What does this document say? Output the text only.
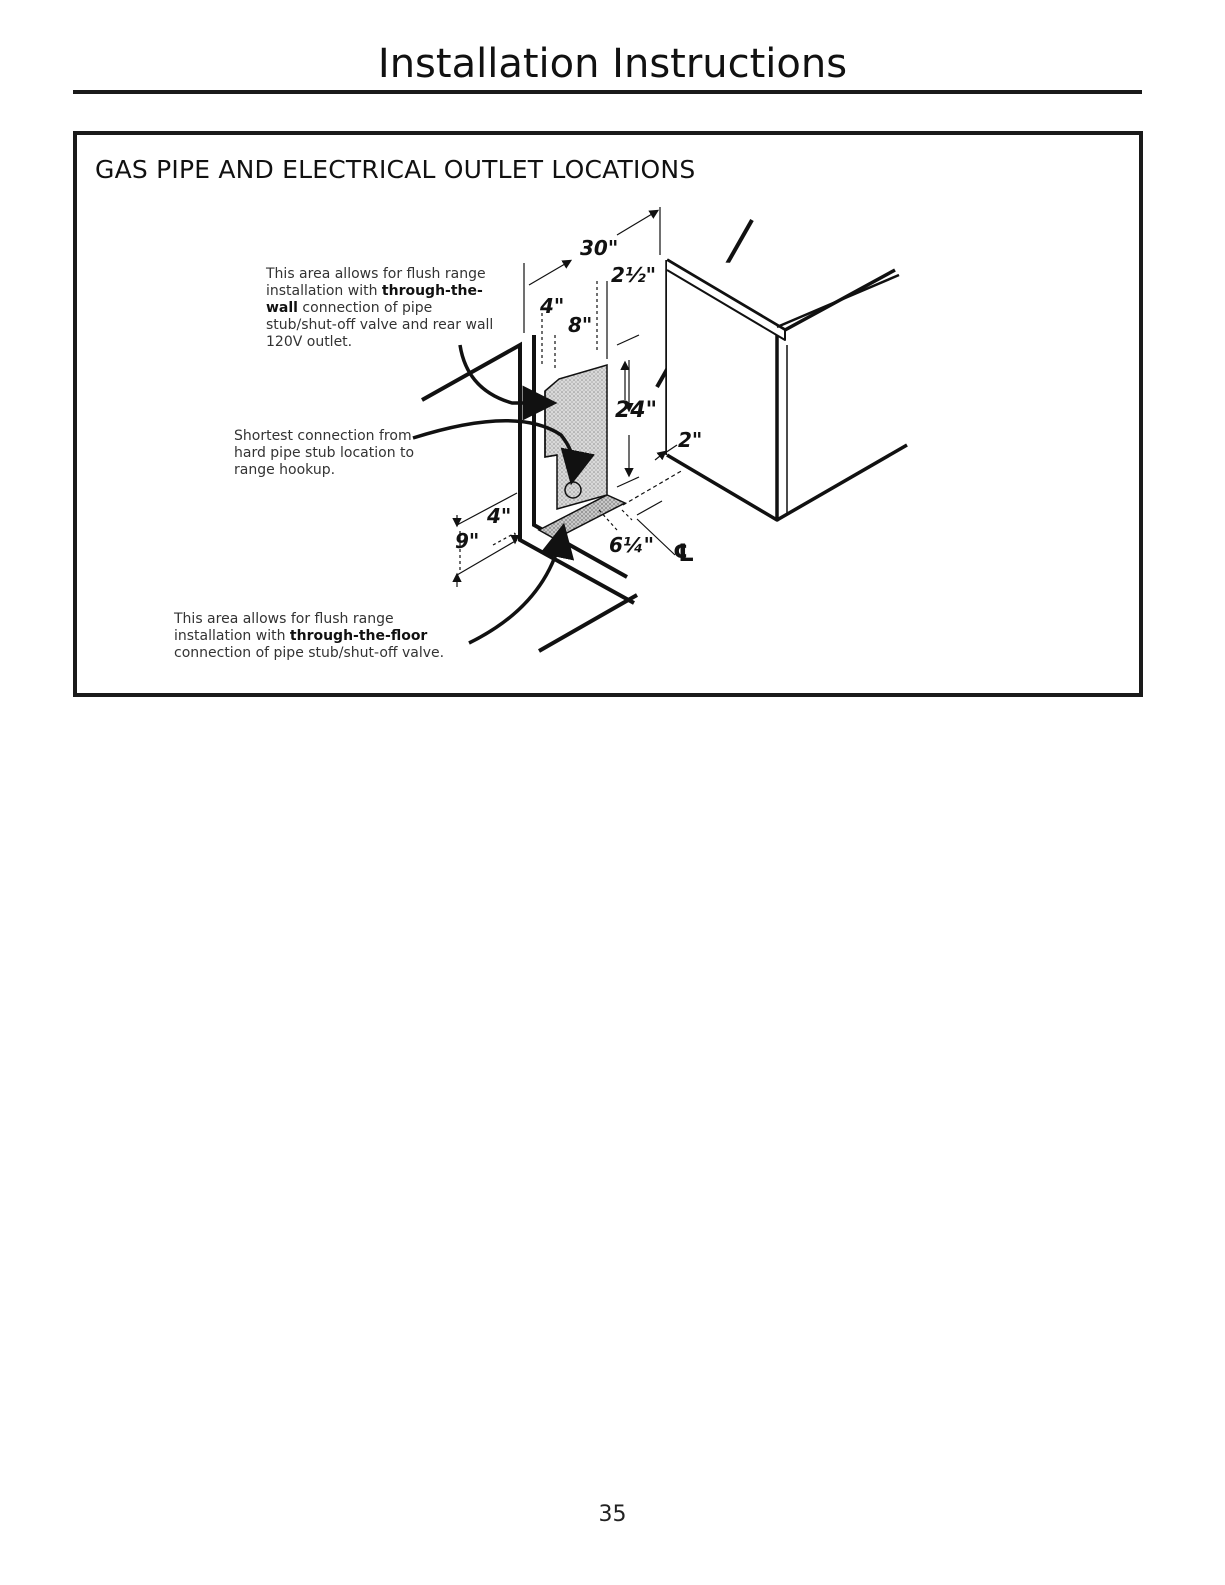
Installation Instructions
GAS PIPE AND ELECTRICAL OUTLET LOCATIONS
30"
4"
2½"
8"
24"
2"
4"
9"	6¼" ℄
This area allows for flush range installation with through-the-wall connection of pipe stub/shut-off valve and rear wall 120V outlet.
Shortest connection from hard pipe stub location to range hookup.
This area allows for flush range installation with through-the-floor connection of pipe stub/shut-off valve.
35
